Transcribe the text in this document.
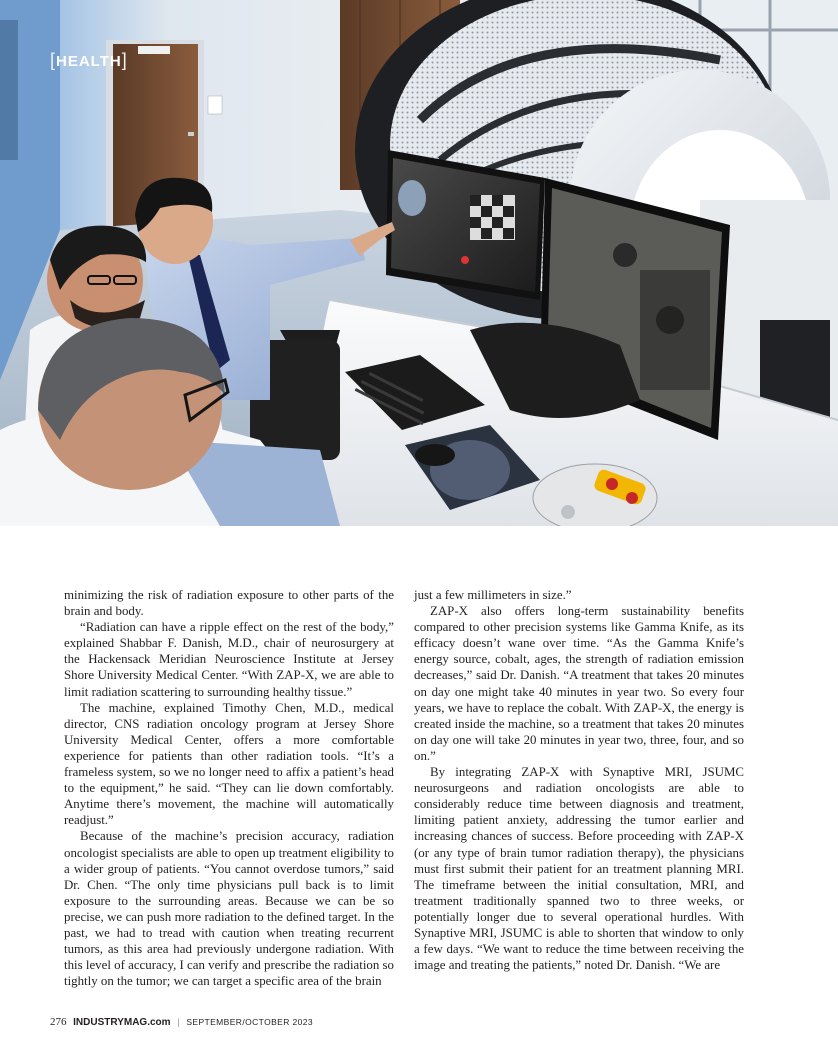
[HEALTH]

minimizing the risk of radiation exposure to other parts of the brain and body.

“Radiation can have a ripple effect on the rest of the body,” explained Shabbar F. Danish, M.D., chair of neurosurgery at the Hackensack Meridian Neuroscience Institute at Jersey Shore University Medical Center. “With ZAP-X, we are able to limit radiation scattering to surrounding healthy tissue.”

The machine, explained Timothy Chen, M.D., medical director, CNS radiation oncology program at Jersey Shore University Medical Center, offers a more comfortable experience for patients than other radiation tools. “It’s a frameless system, so we no longer need to affix a patient’s head to the equipment,” he said. “They can lie down comfortably. Anytime there’s movement, the machine will automatically readjust.”

Because of the machine’s precision accuracy, radiation oncologist specialists are able to open up treatment eligibility to a wider group of patients. “You cannot overdose tumors,” said Dr. Chen. “The only time physicians pull back is to limit exposure to the surrounding areas. Because we can be so precise, we can push more radiation to the defined target. In the past, we had to tread with caution when treating recurrent tumors, as this area had previously undergone radiation. With this level of accuracy, I can verify and prescribe the radiation so tightly on the tumor; we can target a specific area of the brain

just a few millimeters in size.”

ZAP-X also offers long-term sustainability benefits compared to other precision systems like Gamma Knife, as its efficacy doesn’t wane over time. “As the Gamma Knife’s energy source, cobalt, ages, the strength of radiation emission decreases,” said Dr. Danish. “A treatment that takes 20 minutes on day one might take 40 minutes in year two. So every four years, we have to replace the cobalt. With ZAP-X, the energy is created inside the machine, so a treatment that takes 20 minutes on day one will take 20 minutes in year two, three, four, and so on.”

By integrating ZAP-X with Synaptive MRI, JSUMC neurosurgeons and radiation oncologists are able to considerably reduce time between diagnosis and treatment, limiting patient anxiety, addressing the tumor earlier and increasing chances of success. Before proceeding with ZAP-X (or any type of brain tumor radiation therapy), the physicians must first submit their patient for an treatment planning MRI. The timeframe between the initial consultation, MRI, and treatment traditionally spanned two to three weeks, or potentially longer due to several operational hurdles. With Synaptive MRI, JSUMC is able to shorten that window to only a few days. “We want to reduce the time between receiving the image and treating the patients,” noted Dr. Danish. “We are

276 INDUSTRYMAG.com | SEPTEMBER/OCTOBER 2023
